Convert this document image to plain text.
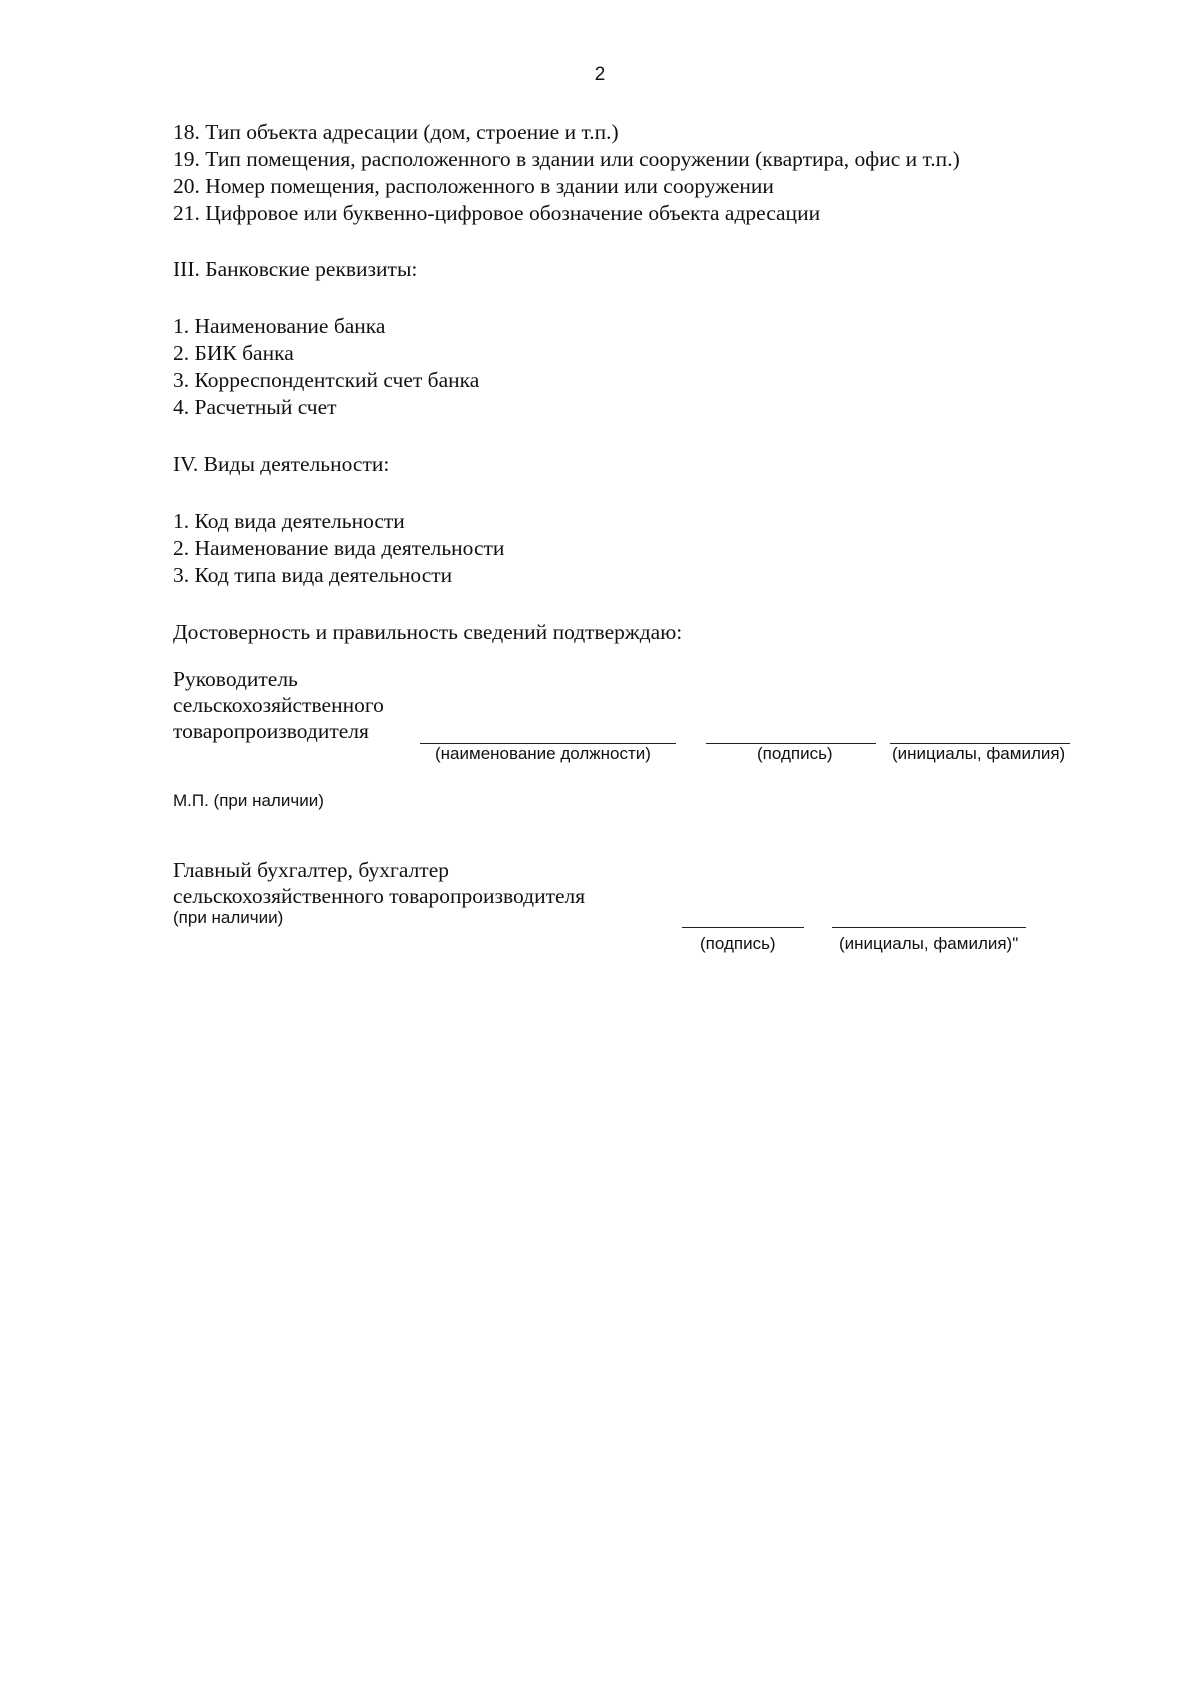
2
18. Тип объекта адресации (дом, строение и т.п.)
19. Тип помещения, расположенного в здании или сооружении (квартира, офис и т.п.)
20. Номер помещения, расположенного в здании или сооружении
21. Цифровое или буквенно-цифровое обозначение объекта адресации
III. Банковские реквизиты:
1. Наименование банка
2. БИК банка
3. Корреспондентский счет банка
4. Расчетный счет
IV. Виды деятельности:
1. Код вида деятельности
2. Наименование вида деятельности
3. Код типа вида деятельности
Достоверность и правильность сведений подтверждаю:
Руководитель
сельскохозяйственного
товаропроизводителя
(наименование должности)	(подпись)	(инициалы, фамилия)
М.П. (при наличии)
Главный бухгалтер, бухгалтер
сельскохозяйственного товаропроизводителя
(при наличии)
(подпись)	(инициалы, фамилия)"
